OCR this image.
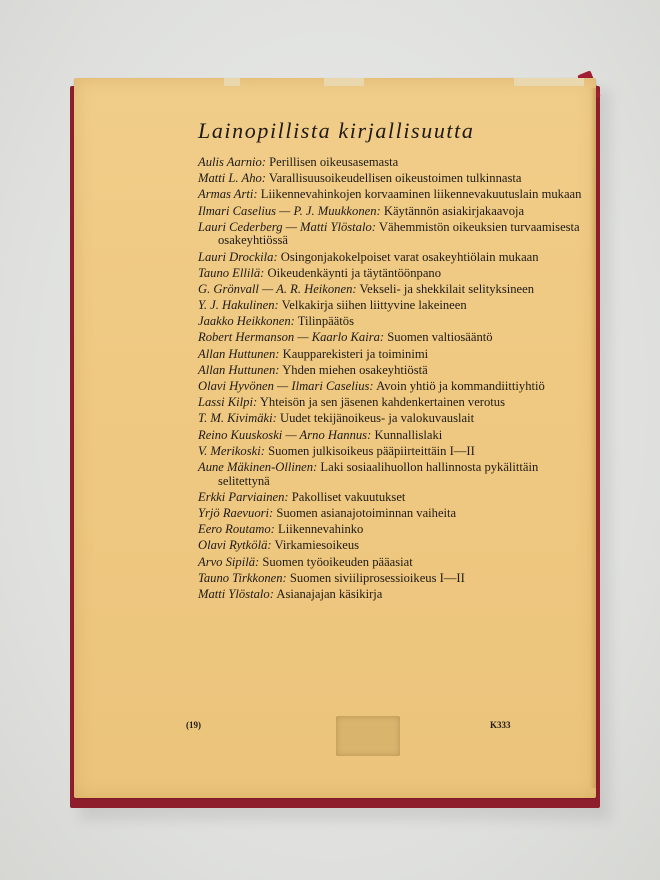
Lainopillista kirjallisuutta
Aulis Aarnio: Perillisen oikeusasemasta
Matti L. Aho: Varallisuusoikeudellisen oikeustoimen tulkinnasta
Armas Arti: Liikennevahinkojen korvaaminen liikennevakuutuslain mukaan
Ilmari Caselius — P. J. Muukkonen: Käytännön asiakirjakaavoja
Lauri Cederberg — Matti Ylöstalo: Vähemmistön oikeuksien turvaamisesta osakeyhtiössä
Lauri Drockila: Osingonjakokelpoiset varat osakeyhtiölain mukaan
Tauno Ellilä: Oikeudenkäynti ja täytäntöönpano
G. Grönvall — A. R. Heikonen: Vekseli- ja shekkilait selityksineen
Y. J. Hakulinen: Velkakirja siihen liittyvine lakeineen
Jaakko Heikkonen: Tilinpäätös
Robert Hermanson — Kaarlo Kaira: Suomen valtiosääntö
Allan Huttunen: Kaupparekisteri ja toiminimi
Allan Huttunen: Yhden miehen osakeyhtiöstä
Olavi Hyvönen — Ilmari Caselius: Avoin yhtiö ja kommandiittiyhtiö
Lassi Kilpi: Yhteisön ja sen jäsenen kahdenkertainen verotus
T. M. Kivimäki: Uudet tekijänoikeus- ja valokuvauslait
Reino Kuuskoski — Arno Hannus: Kunnallislaki
V. Merikoski: Suomen julkisoikeus pääpiirteittäin I—II
Aune Mäkinen-Ollinen: Laki sosiaalihuollon hallinnosta pykälittäin selitettynä
Erkki Parviainen: Pakolliset vakuutukset
Yrjö Raevuori: Suomen asianajotoiminnan vaiheita
Eero Routamo: Liikennevahinko
Olavi Rytkölä: Virkamiesoikeus
Arvo Sipilä: Suomen työoikeuden pääasiat
Tauno Tirkkonen: Suomen siviiliprosessioikeus I—II
Matti Ylöstalo: Asianajajan käsikirja
(19)	K333
